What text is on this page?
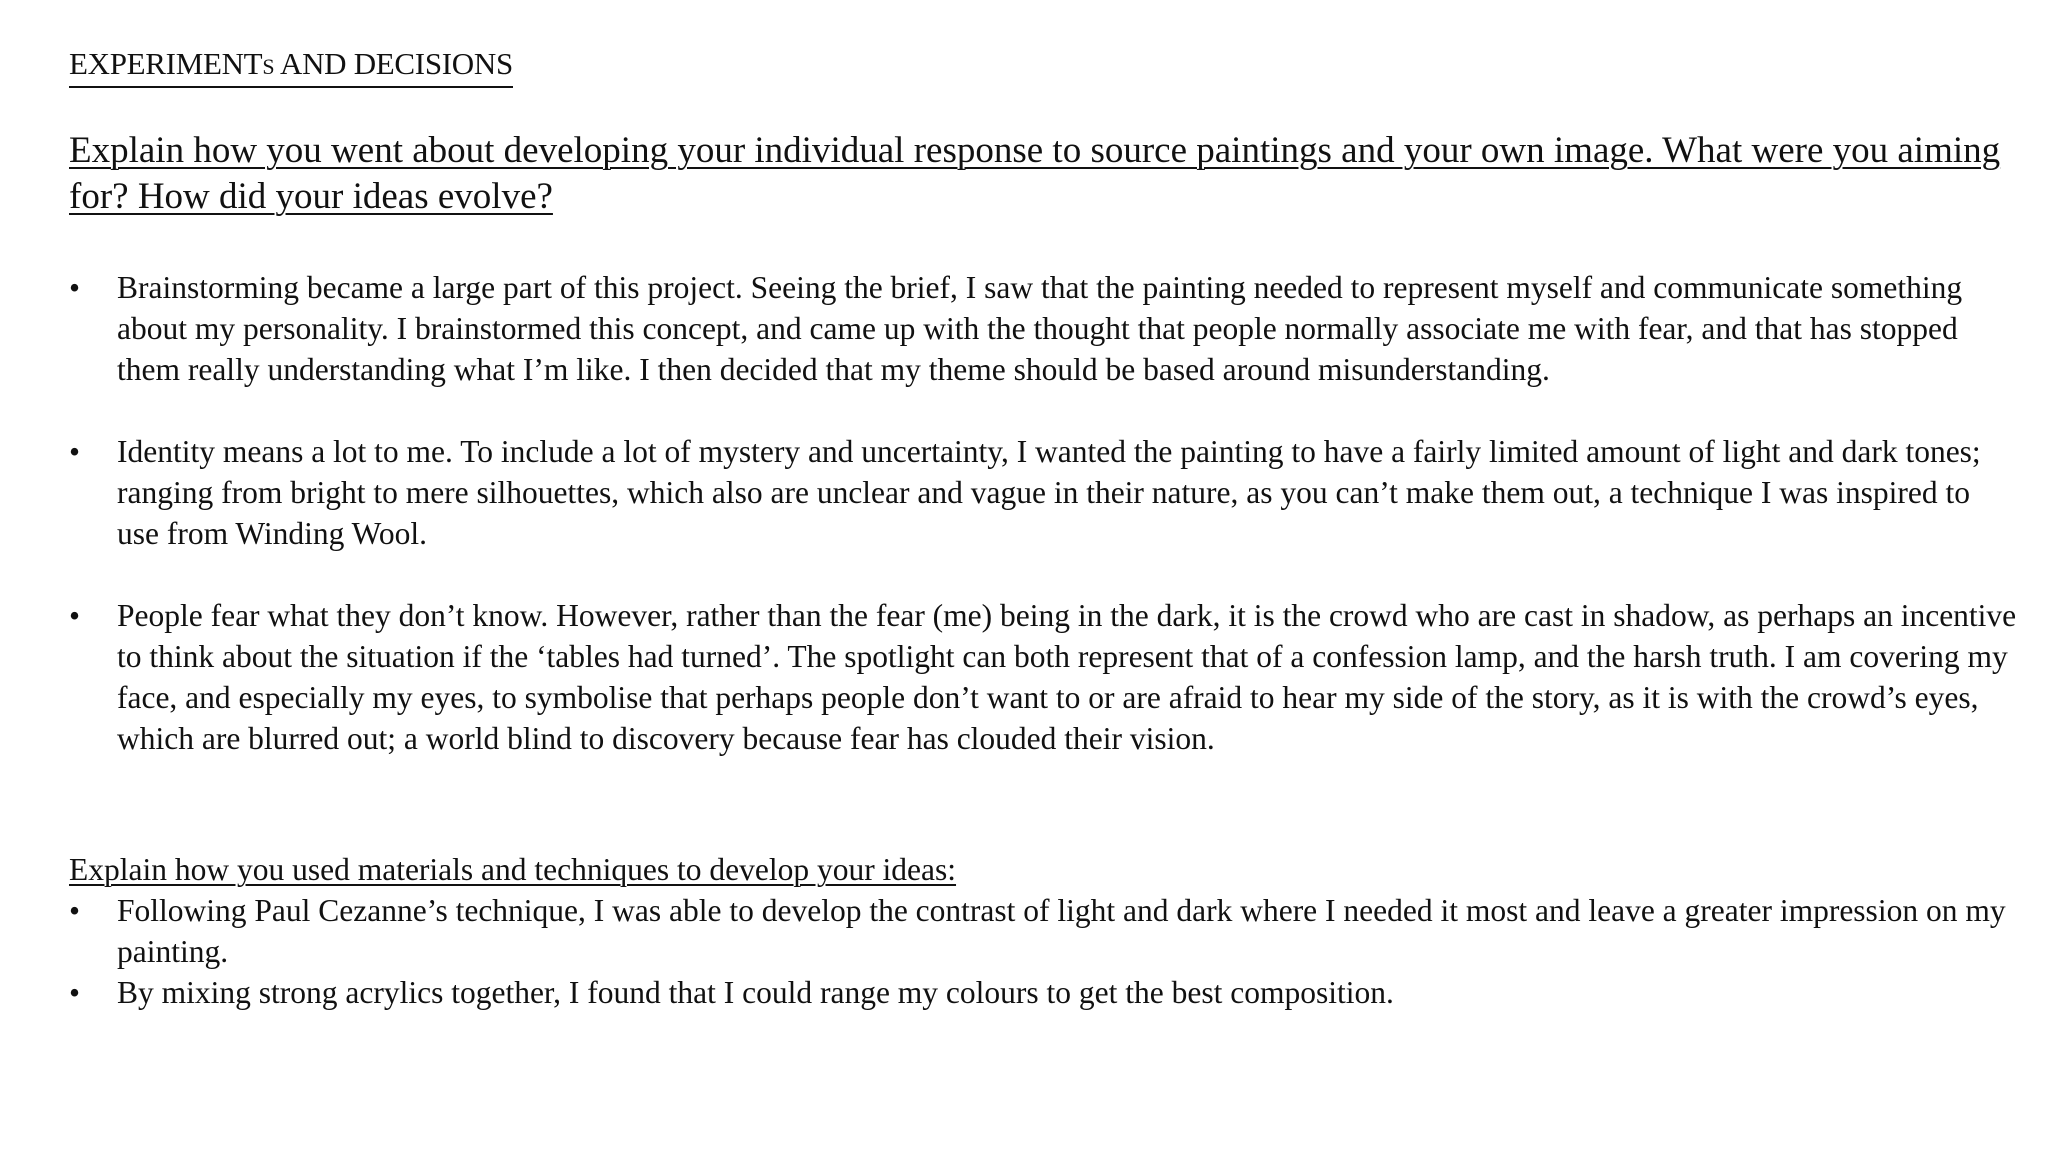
EXPERIMENTs AND DECISIONS
Explain how you went about developing your individual response to source paintings and your own image. What were you aiming for? How did your ideas evolve?
•	Brainstorming became a large part of this project. Seeing the brief, I saw that the painting needed to represent myself and communicate something about my personality. I brainstormed this concept, and came up with the thought that people normally associate me with fear, and that has stopped them really understanding what I’m like. I then decided that my theme should be based around misunderstanding.
•	Identity means a lot to me. To include a lot of mystery and uncertainty, I wanted the painting to have a fairly limited amount of light and dark tones; ranging from bright to mere silhouettes, which also are unclear and vague in their nature, as you can’t make them out, a technique I was inspired to use from Winding Wool.
•	People fear what they don’t know. However, rather than the fear (me) being in the dark, it is the crowd who are cast in shadow, as perhaps an incentive to think about the situation if the ‘tables had turned’. The spotlight can both represent that of a confession lamp, and the harsh truth. I am covering my face, and especially my eyes, to symbolise that perhaps people don’t want to or are afraid to hear my side of the story, as it is with the crowd’s eyes, which are blurred out; a world blind to discovery because fear has clouded their vision.
Explain how you used materials and techniques to develop your ideas:
•	Following Paul Cezanne’s technique, I was able to develop the contrast of light and dark where I needed it most and leave a greater impression on my painting.
•	By mixing strong acrylics together, I found that I could range my colours to get the best composition.
